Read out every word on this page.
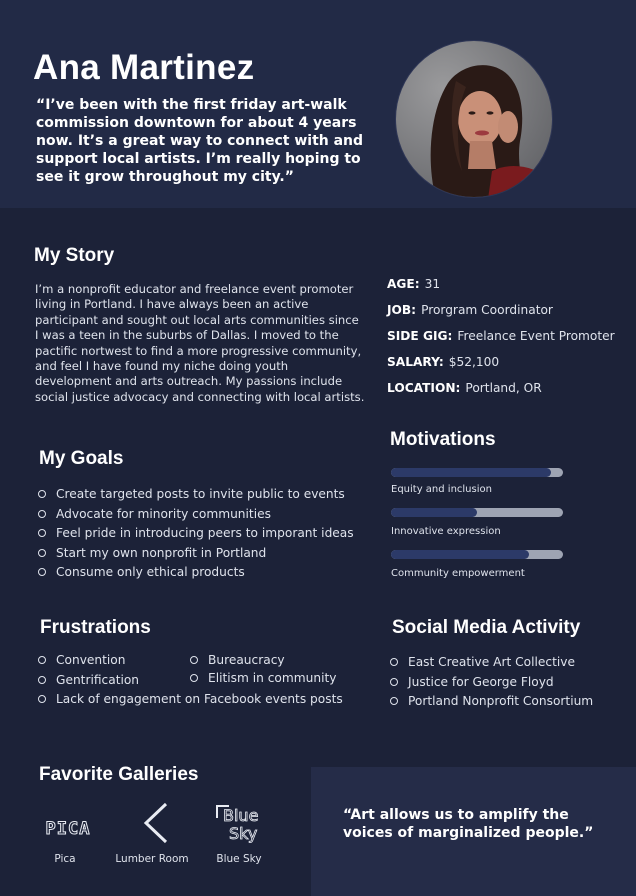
Ana Martinez
“I’ve been with the first friday art-walk commission downtown for about 4 years now. It’s a great way to connect with and support local artists. I’m really hoping to see it grow throughout my city.”
My Story
I’m a nonprofit educator and freelance event promoter living in Portland. I have always been an active participant and sought out local arts communities since I was a teen in the suburbs of Dallas. I moved to the pactific nortwest to find a more progressive community, and feel I have found my niche doing youth development and arts outreach. My passions include social justice advocacy and connecting with local artists.
AGE: 31
JOB: Prorgram Coordinator
SIDE GIG: Freelance Event Promoter
SALARY: $52,100
LOCATION: Portland, OR
My Goals
Create targeted posts to invite public to events
Advocate for minority communities
Feel pride in introducing peers to imporant ideas
Start my own nonprofit in Portland
Consume only ethical products
Motivations
Equity and inclusion
Innovative expression
Community empowerment
Frustrations
Convention	Bureaucracy
Gentrification	Elitism in community
Lack of engagement on Facebook events posts
Social Media Activity
East Creative Art Collective
Justice for George Floyd
Portland Nonprofit Consortium
Favorite Galleries
PICA
Pica	Lumber Room
Blue Sky
Blue Sky
“Art allows us to amplify the voices of marginalized people.”
